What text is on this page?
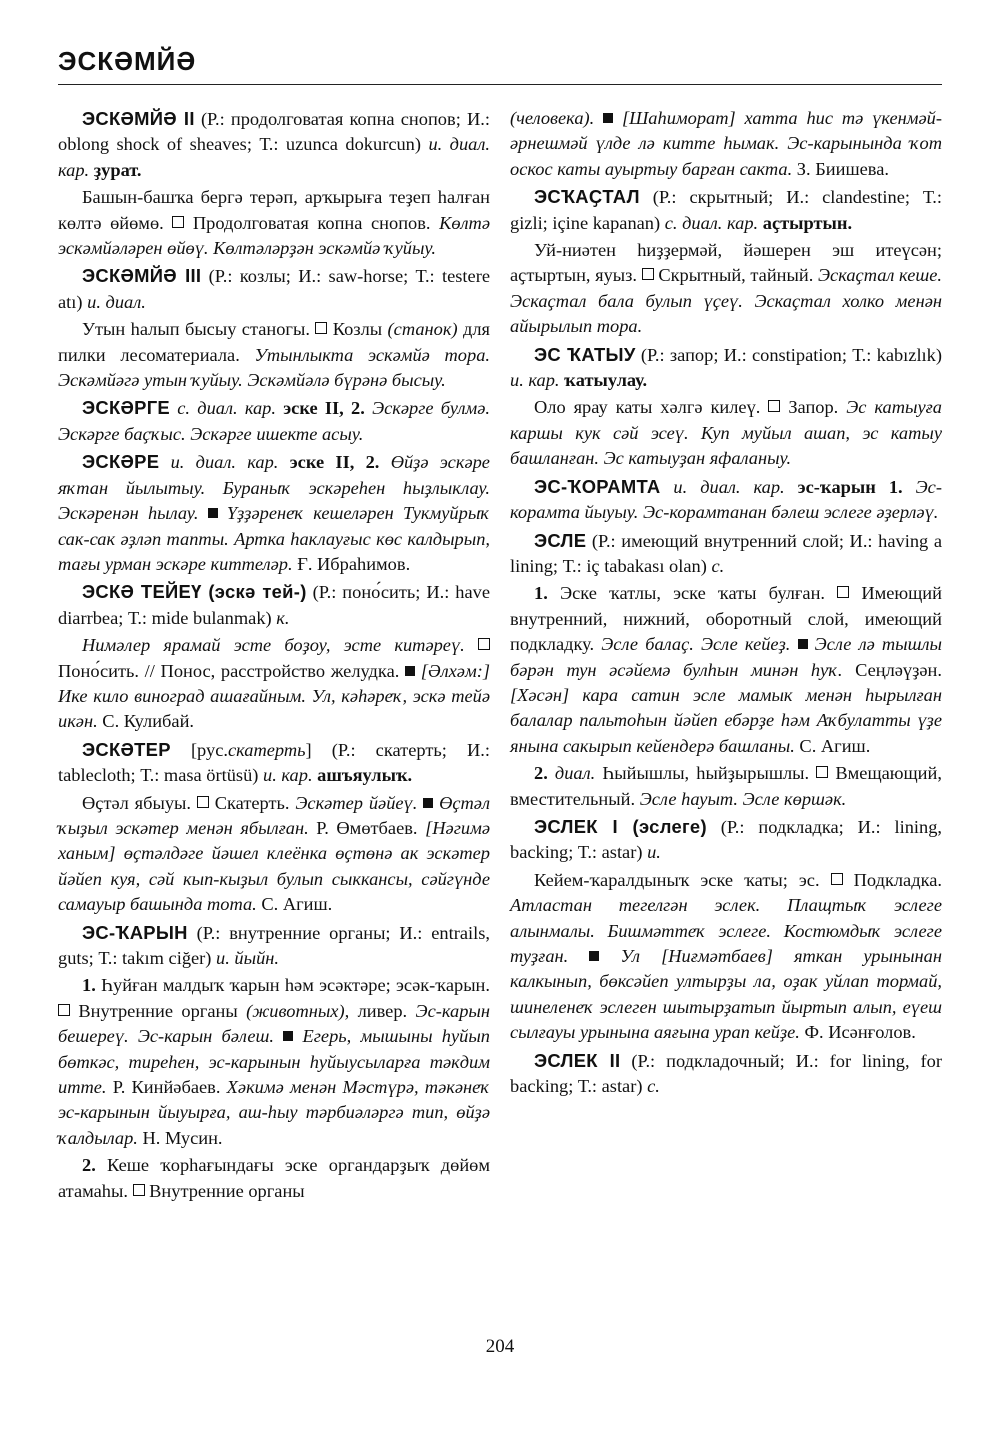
ЭСКӘМЙӘ

ЭСКӘМЙӘ II (Р.: продолговатая копна снопов; И.: oblong shock of sheaves; Т.: uzunca dokurcun) и. диал. кар. ҙурат.

Башын-башҡа бергә терәп, арҡырығa теҙеп һалған көлтә өйөмө. Продолговатая копна снопов. Көлтә эскәмйәләрен өйөү. Көлтәләрҙән эскәмйә ҡуйыу.

ЭСКӘМЙӘ III (Р.: козлы; И.: saw-horse; Т.: testere atı) и. диал.

Утын һалып бысыу станогы. Козлы (станок) для пилки лесоматериала. Утынлыкта эскәмйә тора. Эскәмйәгә утын ҡуйыу. Эскәмйәлә бүрәнә бысыу.

ЭСКӘРГЕ с. диал. кар. эске II, 2. Эскәрге булмә. Эскәрге баҫҡыс. Эскәрге ишекте асыу.

ЭСКӘРЕ и. диал. кар. эске II, 2. Өйҙә эскәре яҡтан йылытыу. Бураныҡ эскәреһен һыҙлыклау. Эскәренән һылау. Үҙҙәренеҡ кешеләрен Тукмуйрыҡ сак-сак әҙләп тапты. Артка һаклауғыс көс калдырып, тағы урман эскәре киттеләр. Ғ. Ибраһимов.

ЭСКӘ ТЕЙЕҮ (эскә тей-) (Р.: поно́сить; И.: have diarrbea; Т.: mide bulanmak) к.

Нимәлер ярамай эсте боҙоу, эсте китәреү.  Поно́сить. // Понос, расстройство желудка. [Әлхәм:] Ике кило виноград ашағайным. Ул, кәһәреҡ, эскә тейә икән. С. Кулибай.

ЭСКӘТЕР [рус.скатерть] (Р.: скатерть; И.: tablecloth; Т.: masa örtüsü) и. кар. ашъяулыҡ.

Өҫтәл ябыуы. Скатерть. Эскәтер йәйеү. Өҫтәл ҡыҙыл эскәтер менән ябылған. Р. Өмөтбаев. [Нәгимә ханым] өҫтәлдәге йәшел клеёнка өҫтөнә ак эскәтер йәйеп куя, сәй кып-кыҙыл булып сыкканcы, сәйгүнде самауыр башында тота. С. Агиш.

ЭС-ҠАРЫН (Р.: внутренние органы; И.: entrails, guts; Т.: takım ciğer) и. йыйн.

1. Һуйған малдыҡ ҡарын һәм эсәктәре; эсәк-ҡарын.  Внутренние органы (животных), ливер. Эс-карын бешереү. Эс-карын бәлеш. Егерь, мышыны һуйып бөткәс, тиреһен, эс-карынын һуйыусыларға тәкдим итте. Р. Кинйәбаев. Хәкимә менән Мәстүрә, тәкәнеҡ эс-карынын йыуырға, аш-һыу тәрбиәләргә тип, өйҙә ҡалдылар. Н. Мусин.

2. Кеше ҡорһағындағы эске органдарҙыҡ дөйөм атамаһы. Внутренние органы

(человека). [Шаһиморат] хатта һис тә үкенмәй-әрнешмәй үлде лә китте һымак. Эс-карынында ҡот оскос каты ауыртыу барған сакта. З. Биишева.

ЭСҠАҪТАЛ (Р.: скрытный; И.: clandestine; Т.: gizli; içine kapanan) с. диал. кар. аҫтыртын.

Уй-ниәтен һиҙҙермәй, йәшерен эш итеүсән; аҫтыртын, яуыз. Скрытный, тайный. Эскаҫтал кеше. Эскаҫтал бала булып үҫеү. Эскаҫтал холко менән айырылып тора.

ЭС ҠАТЫУ (Р.: запор; И.: constipation; Т.: kabızlık) и. кар. ҡатыулау.

Оло ярау каты хәлгә килеү. Запор. Эс катыуға каршы кук сәй эсеү. Куп муйыл ашап, эс катыу башланған. Эс катыуҙан яфаланыу.

ЭС-ҠОРАМТА и. диал. кар. эс-ҡарын 1. Эс-корамта йыуыу. Эс-корамтанан бәлеш эслеге әҙерләү.

ЭСЛЕ (Р.: имеющий внутренний слой; И.: having a lining; Т.: iç tabakası olan) с.

1. Эске ҡатлы, эске ҡаты булған. Имеющий внутренний, нижний, оборотный слой, имеющий подкладку. Эсле балаҫ. Эсле кейеҙ. Эсле лә тышлы бәрән тун әсәйемә булһын минән һуҡ. Сеңләүҙән. [Хәсән] кара сатин эсле мамык менән һырылған балалар пальтоһын йәйеп ебәрҙе һәм Аҡбулатты үҙе янына сакырып кейендерә башланы. С. Агиш.

2. диал. Һыйышлы, һыйҙырышлы. Вмещающий, вместительный. Эсле һауыт. Эсле көршәк.

ЭСЛЕК I (эслеге) (Р.: подкладка; И.: lining, backing; Т.: astar) и.

Кейем-ҡаралдыныҡ эске ҡаты; эс. Подкладка. Атластан тегелгән эслек. Плащтыҡ эслеге алынмалы. Бишмәттеҡ эслеге. Костюмдыҡ эслеге туҙған.	Ул [Ниғмәтбаев] яткан урынынан калкынып, бөксәйеп ултырҙы ла, оҙак уйлап тормай, шинеленеҡ эслеген шытырҙатып йыртып алып, еүеш сылғауы урынына аяғына урап кейҙе. Ф. Исәнғолов.

ЭСЛЕК II (Р.: подкладочный; И.: for lining, for backing; Т.: astar) с.

204
